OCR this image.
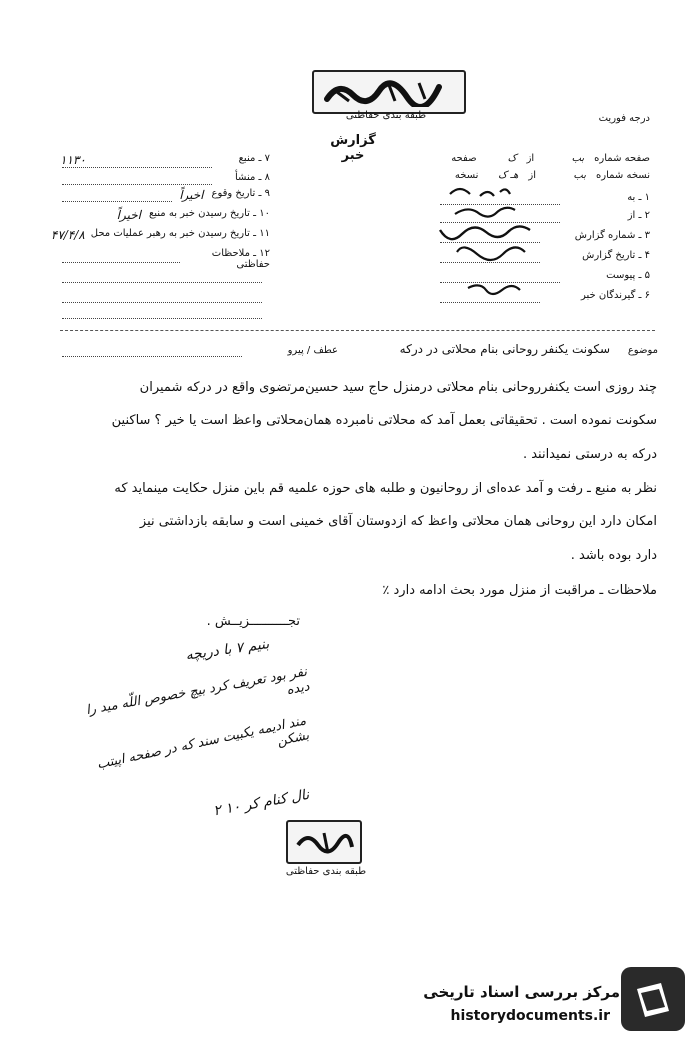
طبقه بندی حفاظتی	درجه فوریت
گزارش خبر	صفحه شماره
بب
از
ک
صفحه
نسخه شماره
بب
از
هـ ک
نسخه
۱ ـ به
۲ ـ از
۳ ـ شماره گزارش
۴ ـ تاریخ گزارش
۵ ـ پیوست
۶ ـ گیرندگان خبر
۷ ـ منبع
۱۱۳۰
۸ ـ منشأ
۹ ـ تاریخ وقوع
اخیراً
۱۰ ـ تاریخ رسیدن خبر به منبع
اخیراً
۱۱ ـ تاریخ رسیدن خبر به رهبر عملیات محل
۴۷/۴/۸
۱۲ ـ ملاحظات حفاظتی
موضوع
سکونت یکنفر روحانی بنام محلاتی در درکه
عطف / پیرو
چند روزی است یکنفرروحانی بنام محلاتی درمنزل حاج سید حسین‌مرتضوی واقع در درکه شمیران
سکونت نموده است . تحقیقاتی بعمل آمد که محلاتی نامبرده همان‌محلاتی واعظ است یا خیر ؟ ساکنین
درکه به درستی نمیدانند .
نظر به منبع ـ رفت و آمد عده‌ای از روحانیون و طلبه های حوزه علمیه قم باین منزل حکایت مینماید که
امکان دارد این روحانی همان محلاتی واعظ که ازدوستان آقای خمینی است و سابقه بازداشتی نیز
دارد بوده باشد .
ملاحظات ـ مراقبت از منزل مورد بحث ادامه دارد ٪
تجــــــــــزیــش .
بنیم ۷ با دریچه
نفر بود تعریف کرد بیچ خصوص اللّه مید را دیده
مند ادیمه یکبیت سند که در صفحه اپیتب بشکن
نال کنام کر ۱۰ ۲
طبقه بندی حفاظتی
مرکز بررسی اسناد تاریخی
historydocuments.ir
